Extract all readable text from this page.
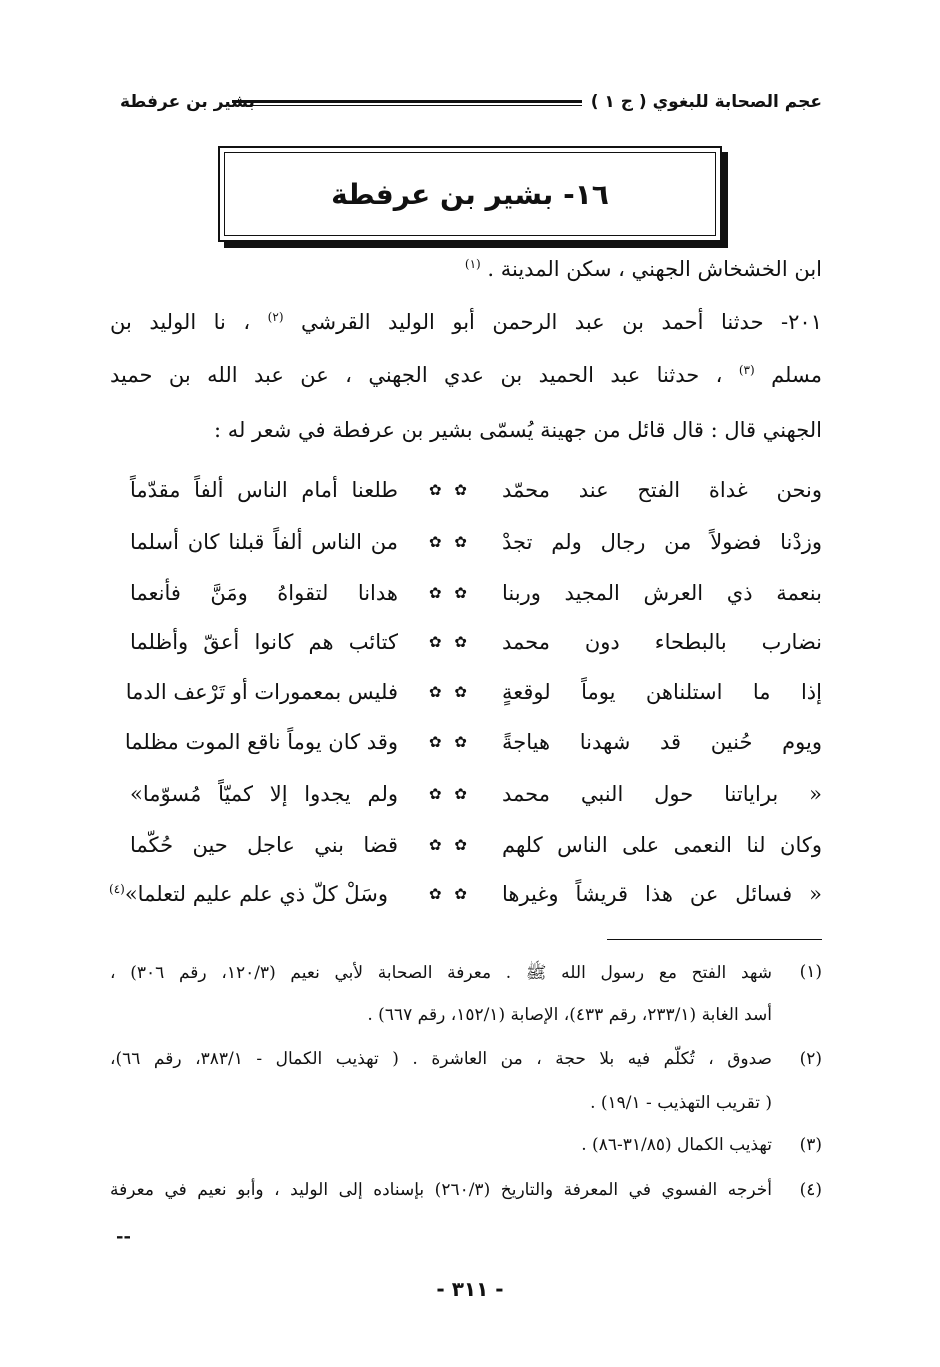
عجم الصحابة للبغوي ( ج ١ )
بشير بن عرفطة
١٦- بشير بن عرفطة
ابن الخشخاش الجهني ، سكن المدينة . $^{(١)}$
٢٠١- حدثنا أحمد بن عبد الرحمن أبو الوليد القرشي $^{(٢)}$ ، نا الوليد بن
مسلم $^{(٣)}$ ، حدثنا عبد الحميد بن عدي الجهني ، عن عبد الله بن حميد
الجهني قال : قال قائل من جهينة يُسمّى بشير بن عرفطة في شعر له :
ونحن غداة الفتح عند محمّد
✿ ✿
طلعنا أمام الناس ألفاً مقدّماً
وزدْنا فضولاً من رجال ولم تجدْ
✿ ✿
من الناس ألفاً قبلنا كان أسلما
بنعمة ذي العرش المجيد وربنا
✿ ✿
هدانا لتقواهُ ومَنَّ فأنعما
نضارب بالبطحاء دون محمد
✿ ✿
كتائب هم كانوا أعقّ وأظلما
إذا ما استلناهن يوماً لوقعةٍ
✿ ✿
فليس بمعمورات أو تَرْعف الدما
ويوم حُنين قد شهدنا هياجةً
✿ ✿
وقد كان يوماً ناقع الموت مظلما
« براياتنا حول النبي محمد
✿ ✿
ولم يجدوا إلا كميّاً مُسوّما»
وكان لنا النعمى على الناس كلهم
✿ ✿
قضا بني عاجل حين حُكّما
« فسائل عن هذا قريشاً وغيرها
✿ ✿
وسَلْ كلّ ذي علم عليم لتعلما»$^{(٤)}$
(١)
شهد الفتح مع رسول الله ﷺ . معرفة الصحابة لأبي نعيم (١٢٠/٣، رقم ٣٠٦) ،
أسد الغابة (٢٣٣/١، رقم ٤٣٣)، الإصابة (١٥٢/١، رقم ٦٦٧) .
(٢)
صدوق ، تُكلّم فيه بلا حجة ، من العاشرة . ( تهذيب الكمال - ٣٨٣/١، رقم ٦٦)،
( تقريب التهذيب - ١٩/١) .
(٣)
تهذيب الكمال (٣١/٨٥-٨٦) .
(٤)
أخرجه الفسوي في المعرفة والتاريخ (٢٦٠/٣) بإسناده إلى الوليد ، وأبو نعيم في معرفة
--
- ٣١١ -
